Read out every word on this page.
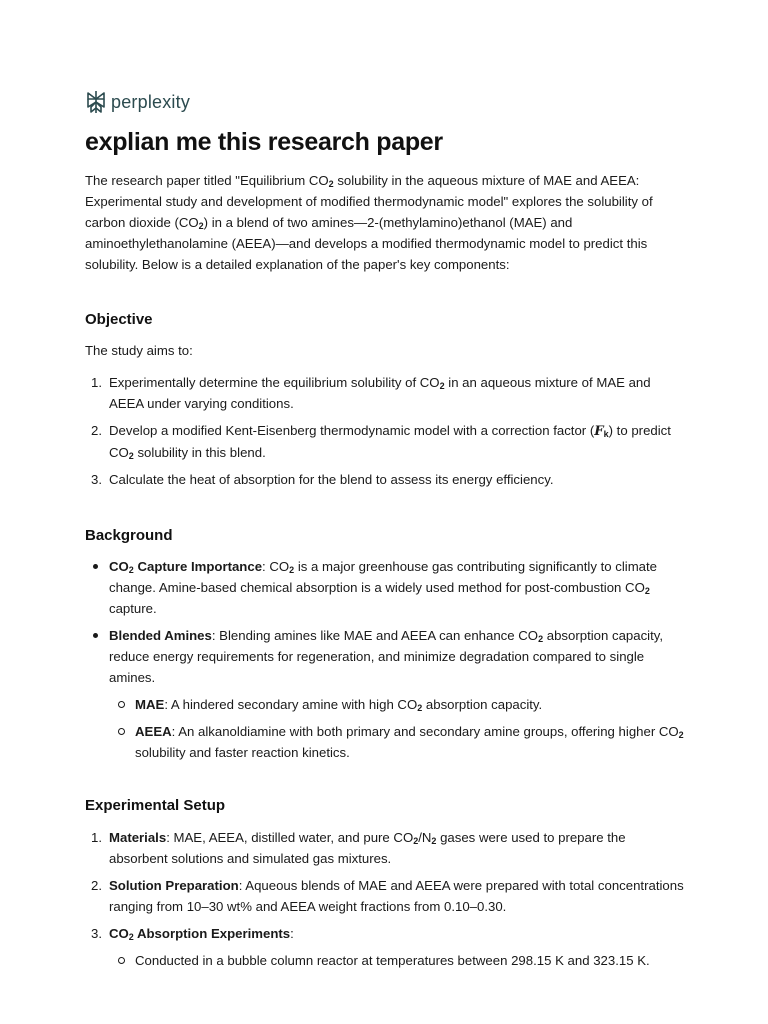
perplexity
explian me this research paper

The research paper titled "Equilibrium $CO_2$ solubility in the aqueous mixture of MAE and AEEA: Experimental study and development of modified thermodynamic model" explores the solubility of carbon dioxide $(CO_2)$ in a blend of two amines—2-(methylamino)ethanol (MAE) and aminoethylethanolamine (AEEA)—and develops a modified thermodynamic model to predict this solubility. Below is a detailed explanation of the paper's key components:

Objective

The study aims to:

1. Experimentally determine the equilibrium solubility of $CO_2$ in an aqueous mixture of MAE and AEEA under varying conditions.
2. Develop a modified Kent-Eisenberg thermodynamic model with a correction factor $(F_k)$ to predict $CO_2$ solubility in this blend.
3. Calculate the heat of absorption for the blend to assess its energy efficiency.
Background
$CO_2$ Capture Importance: $CO_2$ is a major greenhouse gas contributing significantly to climate change. Amine-based chemical absorption is a widely used method for post-combustion $CO_2$ capture.
Blended Amines: Blending amines like MAE and AEEA can enhance $CO_2$ absorption capacity, reduce energy requirements for regeneration, and minimize degradation compared to single amines.
MAE: A hindered secondary amine with high $CO_2$ absorption capacity.
AEEA: An alkanoldiamine with both primary and secondary amine groups, offering higher $CO_2$ solubility and faster reaction kinetics.
Experimental Setup
1. Materials: MAE, AEEA, distilled water, and pure $CO_2/N_2$ gases were used to prepare the absorbent solutions and simulated gas mixtures.
2. Solution Preparation: Aqueous blends of MAE and AEEA were prepared with total concentrations ranging from 10–30 wt% and AEEA weight fractions from 0.10–0.30.
3. $CO_2$ Absorption Experiments:
Conducted in a bubble column reactor at temperatures between 298.15 K and 323.15 K.
